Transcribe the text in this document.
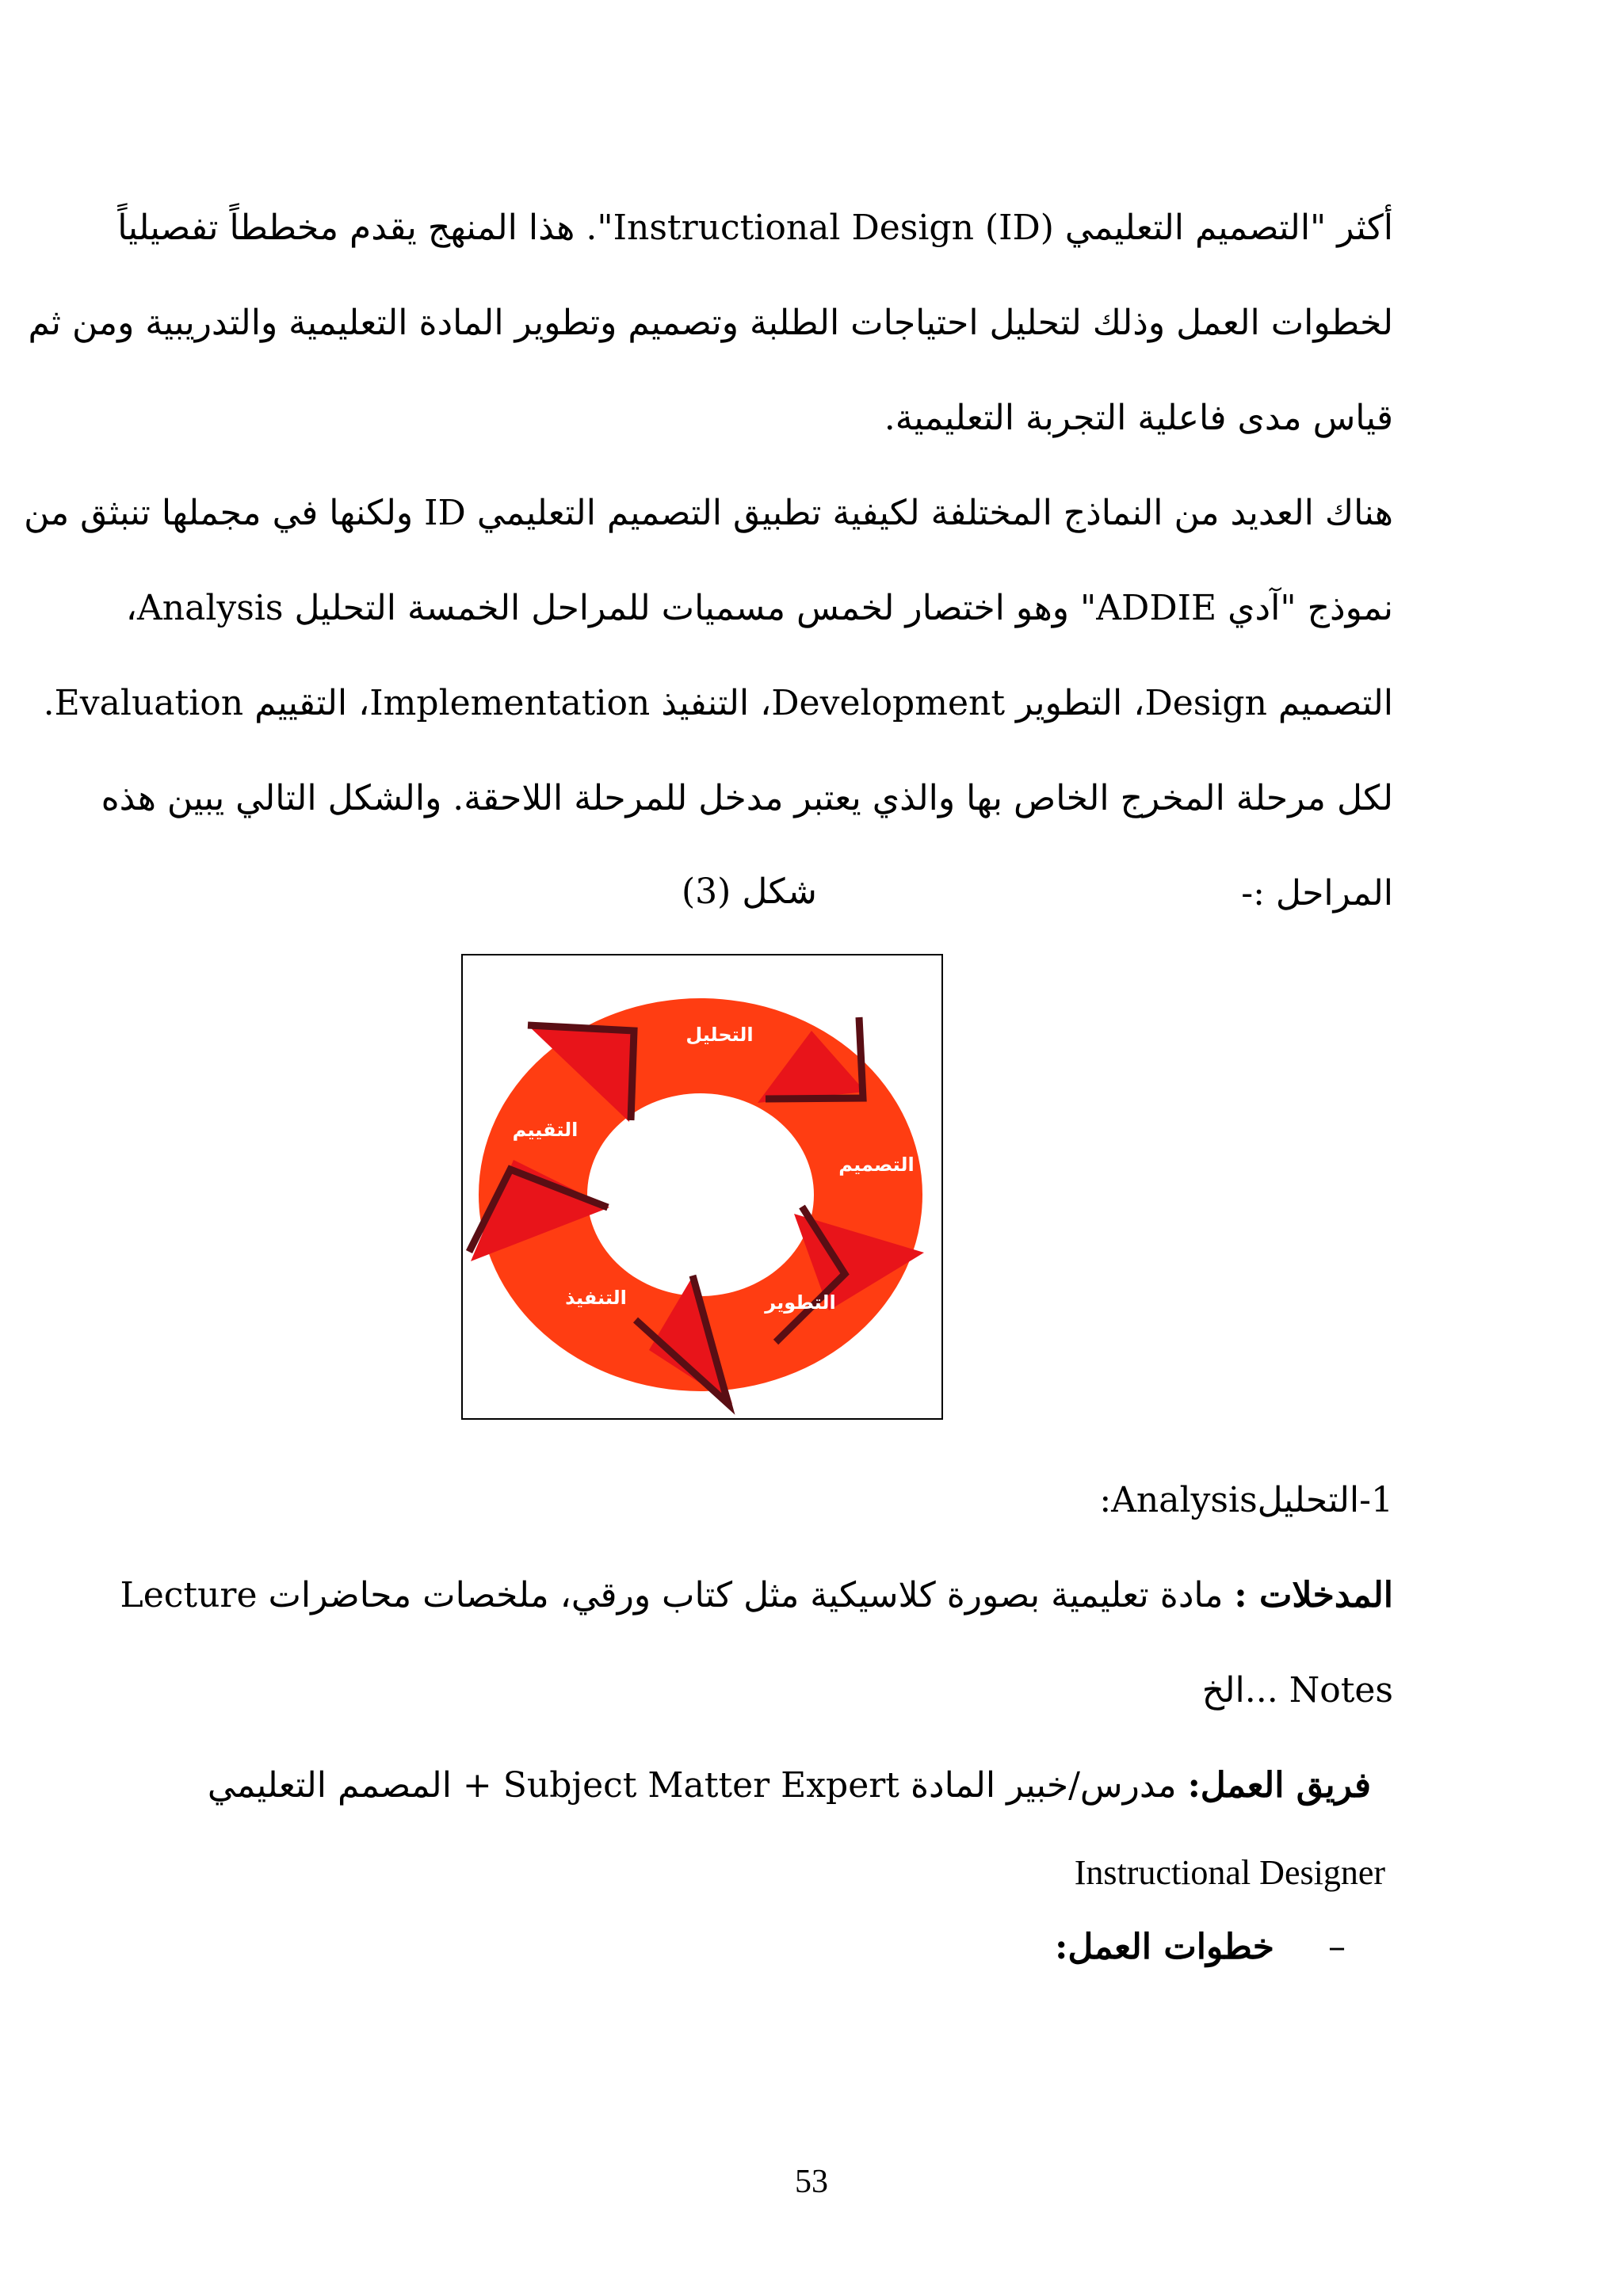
أكثر "التصميم التعليمي (Instructional Design (ID". هذا المنهج يقدم مخططاً تفصيلياً
لخطوات العمل وذلك لتحليل احتياجات الطلبة وتصميم وتطوير المادة التعليمية والتدريبية ومن ثم
قياس مدى فاعلية التجربة التعليمية.
هناك العديد من النماذج المختلفة لكيفية تطبيق التصميم التعليمي ID ولكنها في مجملها تنبثق من
نموذج "آدي ADDIE" وهو اختصار لخمس مسميات للمراحل الخمسة التحليل Analysis،
التصميم Design، التطوير Development، التنفيذ Implementation، التقييم Evaluation.
لكل مرحلة المخرج الخاص بها والذي يعتبر مدخل للمرحلة اللاحقة. والشكل التالي يبين هذه
المراحل :-
شكل (3)
التحليل
التصميم
التطوير
التنفيذ
التقييم
1-التحليلAnalysis:
المدخلات : مادة تعليمية بصورة كلاسيكية مثل كتاب ورقي، ملخصات محاضرات Lecture
Notes ...الخ
فريق العمل: مدرس/خبير المادة Subject Matter Expert + المصمم التعليمي
Instructional Designer
–  خطوات العمل:
53
